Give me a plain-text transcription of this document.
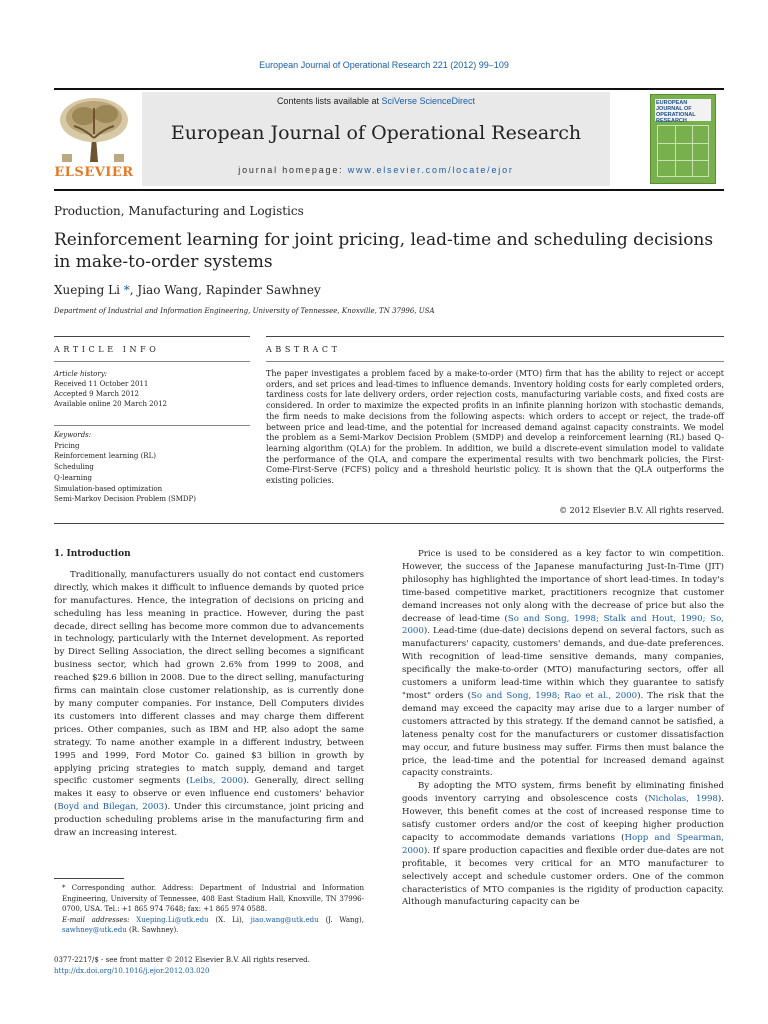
European Journal of Operational Research 221 (2012) 99–109
ELSEVIER
Contents lists available at SciVerse ScienceDirect
European Journal of Operational Research
journal homepage: www.elsevier.com/locate/ejor
EUROPEAN JOURNAL OF OPERATIONAL RESEARCH
Production, Manufacturing and Logistics
Reinforcement learning for joint pricing, lead-time and scheduling decisions
in make-to-order systems
Xueping Li *, Jiao Wang, Rapinder Sawhney
Department of Industrial and Information Engineering, University of Tennessee, Knoxville, TN 37996, USA
ARTICLE INFO	ABSTRACT
Article history:
Received 11 October 2011
Accepted 9 March 2012
Available online 20 March 2012
Keywords:
Pricing
Reinforcement learning (RL)
Scheduling
Q-learning
Simulation-based optimization
Semi-Markov Decision Problem (SMDP)
The paper investigates a problem faced by a make-to-order (MTO) firm that has the ability to reject or accept orders, and set prices and lead-times to influence demands. Inventory holding costs for early completed orders, tardiness costs for late delivery orders, order rejection costs, manufacturing variable costs, and fixed costs are considered. In order to maximize the expected profits in an infinite planning horizon with stochastic demands, the firm needs to make decisions from the following aspects: which orders to accept or reject, the trade-off between price and lead-time, and the potential for increased demand against capacity constraints. We model the problem as a Semi-Markov Decision Problem (SMDP) and develop a reinforcement learning (RL) based Q-learning algorithm (QLA) for the problem. In addition, we build a discrete-event simulation model to validate the performance of the QLA, and compare the experimental results with two benchmark policies, the First-Come-First-Serve (FCFS) policy and a threshold heuristic policy. It is shown that the QLA outperforms the existing policies.
© 2012 Elsevier B.V. All rights reserved.
1. Introduction

Traditionally, manufacturers usually do not contact end customers directly, which makes it difficult to influence demands by quoted price for manufactures. Hence, the integration of decisions on pricing and scheduling has less meaning in practice. However, during the past decade, direct selling has become more common due to advancements in technology, particularly with the Internet development. As reported by Direct Selling Association, the direct selling becomes a significant business sector, which had grown 2.6% from 1999 to 2008, and reached $29.6 billion in 2008. Due to the direct selling, manufacturing firms can maintain close customer relationship, as is currently done by many computer companies. For instance, Dell Computers divides its customers into different classes and may charge them different prices. Other companies, such as IBM and HP, also adopt the same strategy. To name another example in a different industry, between 1995 and 1999, Ford Motor Co. gained $3 billion in growth by applying pricing strategies to match supply, demand and target specific customer segments (Leibs, 2000). Generally, direct selling makes it easy to observe or even influence end customers' behavior (Boyd and Bilegan, 2003). Under this circumstance, joint pricing and production scheduling problems arise in the manufacturing firm and draw an increasing interest.

Price is used to be considered as a key factor to win competition. However, the success of the Japanese manufacturing Just-In-Time (JIT) philosophy has highlighted the importance of short lead-times. In today's time-based competitive market, practitioners recognize that customer demand increases not only along with the decrease of price but also the decrease of lead-time (So and Song, 1998; Stalk and Hout, 1990; So, 2000). Lead-time (due-date) decisions depend on several factors, such as manufacturers' capacity, customers' demands, and due-date preferences. With recognition of lead-time sensitive demands, many companies, specifically the make-to-order (MTO) manufacturing sectors, offer all customers a uniform lead-time within which they guarantee to satisfy "most" orders (So and Song, 1998; Rao et al., 2000). The risk that the demand may exceed the capacity may arise due to a larger number of customers attracted by this strategy. If the demand cannot be satisfied, a lateness penalty cost for the manufacturers or customer dissatisfaction may occur, and future business may suffer. Firms then must balance the price, the lead-time and the potential for increased demand against capacity constraints.

By adopting the MTO system, firms benefit by eliminating finished goods inventory carrying and obsolescence costs (Nicholas, 1998). However, this benefit comes at the cost of increased response time to satisfy customer orders and/or the cost of keeping higher production capacity to accommodate demands variations (Hopp and Spearman, 2000). If spare production capacities and flexible order due-dates are not profitable, it becomes very critical for an MTO manufacturer to selectively accept and schedule customer orders. One of the common characteristics of MTO companies is the rigidity of production capacity. Although manufacturing capacity can be

* Corresponding author. Address: Department of Industrial and Information Engineering, University of Tennessee, 408 East Stadium Hall, Knoxville, TN 37996-0700, USA. Tel.: +1 865 974 7648; fax: +1 865 974 0588.
E-mail addresses: Xueping.Li@utk.edu (X. Li), jiao.wang@utk.edu (J. Wang), sawhney@utk.edu (R. Sawhney).
0377-2217/$ - see front matter © 2012 Elsevier B.V. All rights reserved.
http://dx.doi.org/10.1016/j.ejor.2012.03.020
